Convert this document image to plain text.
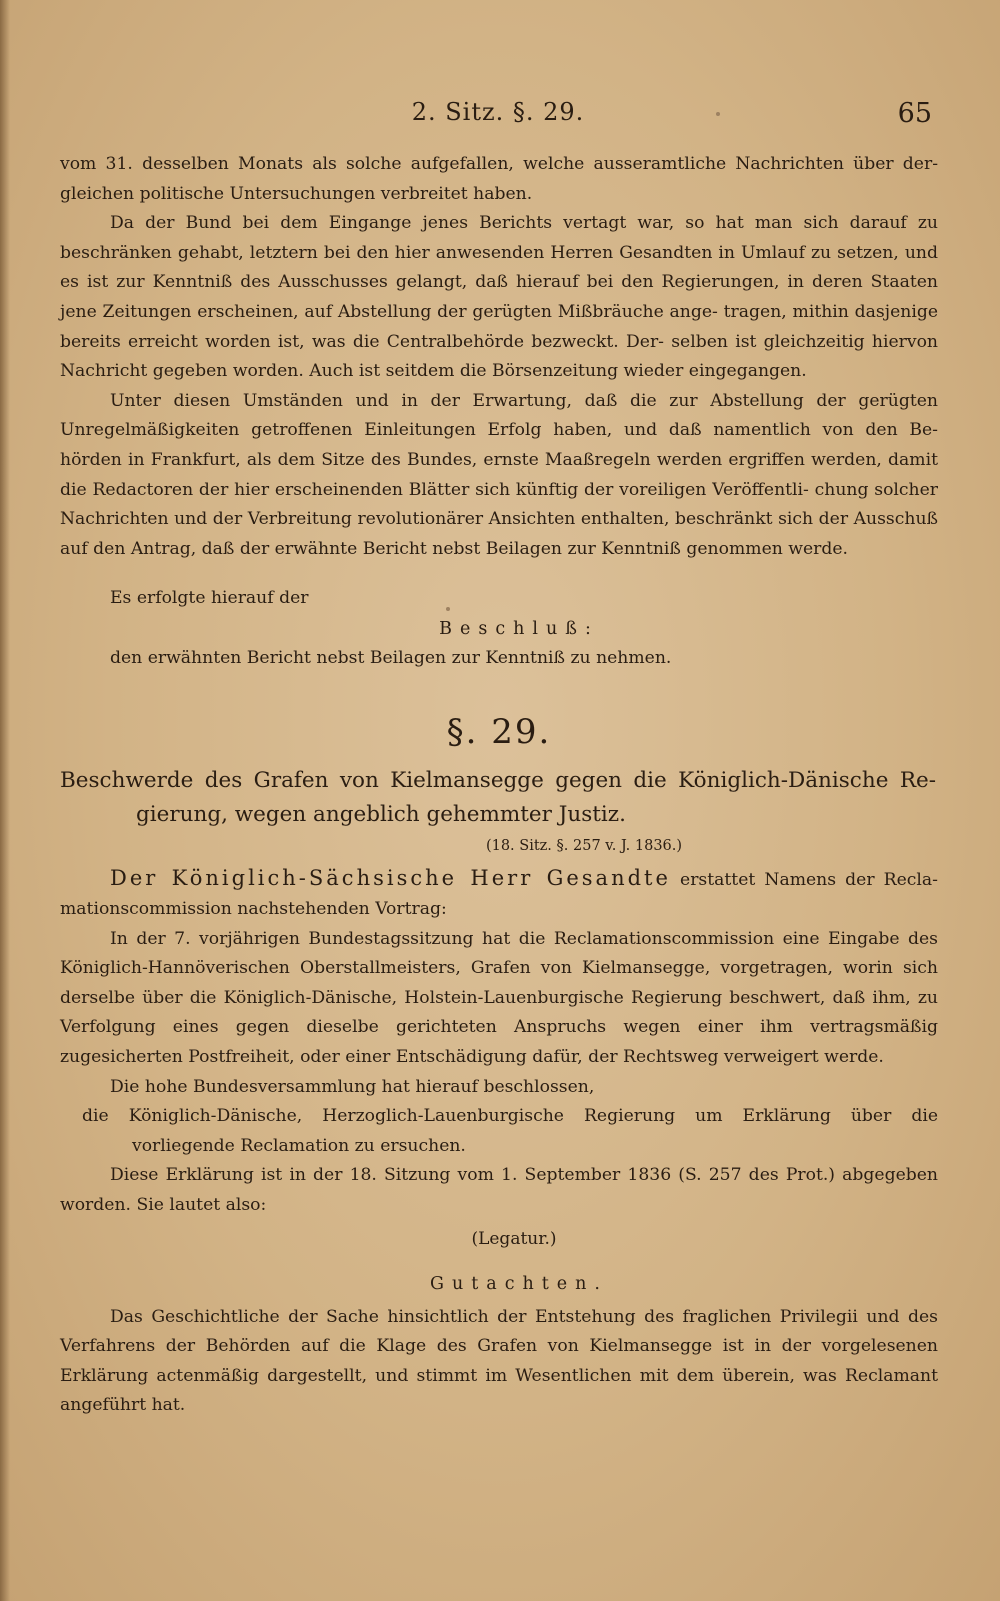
2. Sitz. §. 29.	65

vom 31. desselben Monats als solche aufgefallen, welche ausseramtliche Nachrichten über der- gleichen politische Untersuchungen verbreitet haben.

Da der Bund bei dem Eingange jenes Berichts vertagt war, so hat man sich darauf zu beschränken gehabt, letztern bei den hier anwesenden Herren Gesandten in Umlauf zu setzen, und es ist zur Kenntniß des Ausschusses gelangt, daß hierauf bei den Regierungen, in deren Staaten jene Zeitungen erscheinen, auf Abstellung der gerügten Mißbräuche ange- tragen, mithin dasjenige bereits erreicht worden ist, was die Centralbehörde bezweckt. Der- selben ist gleichzeitig hiervon Nachricht gegeben worden. Auch ist seitdem die Börsenzeitung wieder eingegangen.

Unter diesen Umständen und in der Erwartung, daß die zur Abstellung der gerügten Unregelmäßigkeiten getroffenen Einleitungen Erfolg haben, und daß namentlich von den Be- hörden in Frankfurt, als dem Sitze des Bundes, ernste Maaßregeln werden ergriffen werden, damit die Redactoren der hier erscheinenden Blätter sich künftig der voreiligen Veröffentli- chung solcher Nachrichten und der Verbreitung revolutionärer Ansichten enthalten, beschränkt sich der Ausschuß auf den Antrag, daß der erwähnte Bericht nebst Beilagen zur Kenntniß genommen werde.

Es erfolgte hierauf der

Beschluß:

den erwähnten Bericht nebst Beilagen zur Kenntniß zu nehmen.

§. 29.
Beschwerde des Grafen von Kielmansegge gegen die Königlich-Dänische Re- gierung, wegen angeblich gehemmter Justiz.
(18. Sitz. §. 257 v. J. 1836.)

Der Königlich-Sächsische Herr Gesandte erstattet Namens der Recla- mationscommission nachstehenden Vortrag:

In der 7. vorjährigen Bundestagssitzung hat die Reclamationscommission eine Eingabe des Königlich-Hannöverischen Oberstallmeisters, Grafen von Kielmansegge, vorgetragen, worin sich derselbe über die Königlich-Dänische, Holstein-Lauenburgische Regierung beschwert, daß ihm, zu Verfolgung eines gegen dieselbe gerichteten Anspruchs wegen einer ihm vertragsmäßig zugesicherten Postfreiheit, oder einer Entschädigung dafür, der Rechtsweg verweigert werde.

Die hohe Bundesversammlung hat hierauf beschlossen,

die Königlich-Dänische, Herzoglich-Lauenburgische Regierung um Erklärung über die vorliegende Reclamation zu ersuchen.

Diese Erklärung ist in der 18. Sitzung vom 1. September 1836 (S. 257 des Prot.) abgegeben worden. Sie lautet also:

(Legatur.)
Gutachten.

Das Geschichtliche der Sache hinsichtlich der Entstehung des fraglichen Privilegii und des Verfahrens der Behörden auf die Klage des Grafen von Kielmansegge ist in der vorgelesenen Erklärung actenmäßig dargestellt, und stimmt im Wesentlichen mit dem überein, was Reclamant angeführt hat.
